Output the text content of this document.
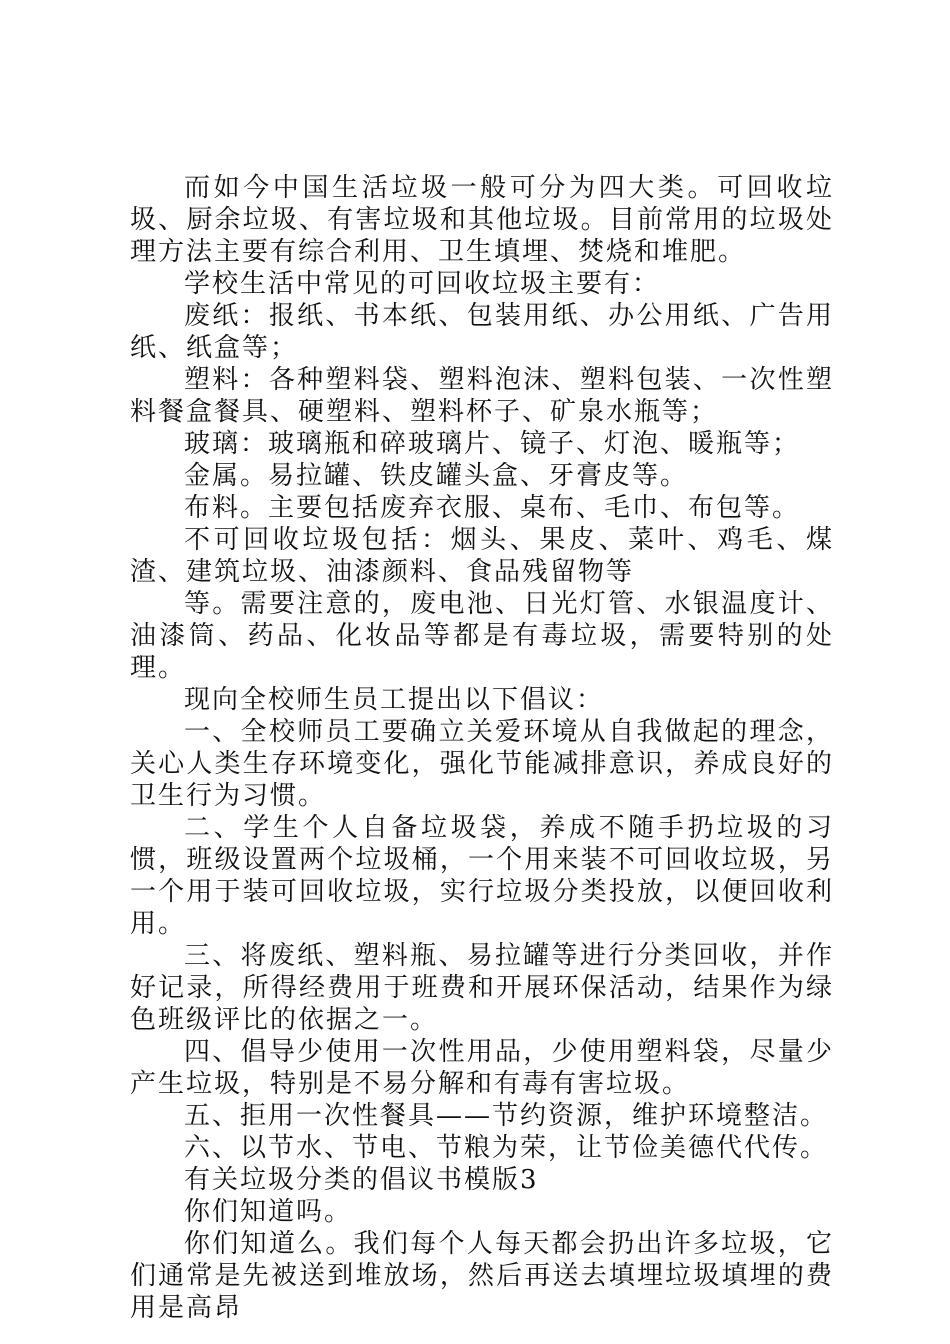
而如今中国生活垃圾一般可分为四大类。可回收垃圾、厨余垃圾、有害垃圾和其他垃圾。目前常用的垃圾处理方法主要有综合利用、卫生填埋、焚烧和堆肥。

学校生活中常见的可回收垃圾主要有：

废纸：报纸、书本纸、包装用纸、办公用纸、广告用纸、纸盒等；

塑料：各种塑料袋、塑料泡沫、塑料包装、一次性塑料餐盒餐具、硬塑料、塑料杯子、矿泉水瓶等；

玻璃：玻璃瓶和碎玻璃片、镜子、灯泡、暖瓶等；

金属。易拉罐、铁皮罐头盒、牙膏皮等。

布料。主要包括废弃衣服、桌布、毛巾、布包等。

不可回收垃圾包括：烟头、果皮、菜叶、鸡毛、煤渣、建筑垃圾、油漆颜料、食品残留物等

等。需要注意的，废电池、日光灯管、水银温度计、油漆筒、药品、化妆品等都是有毒垃圾，需要特别的处理。

现向全校师生员工提出以下倡议：

一、全校师员工要确立关爱环境从自我做起的理念，关心人类生存环境变化，强化节能减排意识，养成良好的卫生行为习惯。

二、学生个人自备垃圾袋，养成不随手扔垃圾的习惯，班级设置两个垃圾桶，一个用来装不可回收垃圾，另一个用于装可回收垃圾，实行垃圾分类投放，以便回收利用。

三、将废纸、塑料瓶、易拉罐等进行分类回收，并作好记录，所得经费用于班费和开展环保活动，结果作为绿色班级评比的依据之一。

四、倡导少使用一次性用品，少使用塑料袋，尽量少产生垃圾，特别是不易分解和有毒有害垃圾。

五、拒用一次性餐具——节约资源，维护环境整洁。

六、以节水、节电、节粮为荣，让节俭美德代代传。

有关垃圾分类的倡议书模版3

你们知道吗。

你们知道么。我们每个人每天都会扔出许多垃圾，它们通常是先被送到堆放场，然后再送去填埋垃圾填埋的费用是高昂
